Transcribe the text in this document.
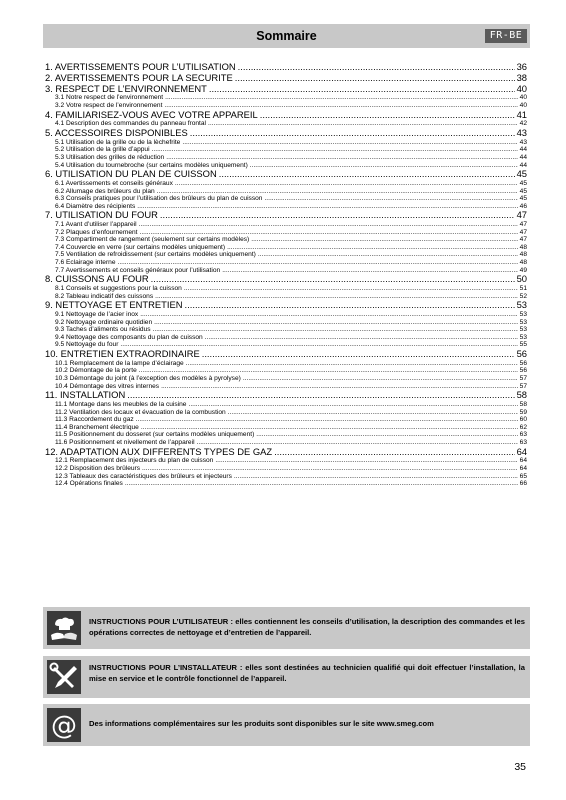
Sommaire	FR-BE
1. AVERTISSEMENTS POUR L’UTILISATION .....	36
2. AVERTISSEMENTS POUR LA SECURITE .....	38
3. RESPECT DE L’ENVIRONNEMENT .....	40
3.1 Notre respect de l’environnement .....	40
3.2 Votre respect de l’environnement .....	40
4. FAMILIARISEZ-VOUS AVEC VOTRE APPAREIL .....	41
4.1 Description des commandes du panneau frontal .....	42
5. ACCESSOIRES DISPONIBLES .....	43
5.1 Utilisation de la grille ou de la lèchefrite .....	43
5.2 Utilisation de la grille d’appui .....	44
5.3 Utilisation des grilles de réduction .....	44
5.4 Utilisation du tournebroche (sur certains modèles uniquement) .....	44
6. UTILISATION DU PLAN DE CUISSON .....	45
6.1 Avertissements et conseils généraux .....	45
6.2 Allumage des brûleurs du plan .....	45
6.3 Conseils pratiques pour l’utilisation des brûleurs du plan de cuisson .....	45
6.4 Diamètre des récipients .....	46
7. UTILISATION DU FOUR .....	47
7.1 Avant d’utiliser l’appareil .....	47
7.2 Plaques d’enfournement .....	47
7.3 Compartiment de rangement (seulement sur certains modèles) .....	47
7.4 Couvercle en verre (sur certains modèles uniquement) .....	48
7.5 Ventilation de refroidissement (sur certains modèles uniquement) .....	48
7.6 Eclairage interne .....	48
7.7 Avertissements et conseils généraux pour l’utilisation .....	49
8. CUISSONS AU FOUR .....	50
8.1 Conseils et suggestions pour la cuisson .....	51
8.2 Tableau indicatif des cuissons .....	52
9. NETTOYAGE ET ENTRETIEN .....	53
9.1 Nettoyage de l’acier inox .....	53
9.2 Nettoyage ordinaire quotidien .....	53
9.3 Taches d’aliments ou résidus .....	53
9.4 Nettoyage des composants du plan de cuisson .....	53
9.5 Nettoyage du four .....	55
10. ENTRETIEN EXTRAORDINAIRE .....	56
10.1 Remplacement de la lampe d’éclairage .....	56
10.2 Démontage de la porte .....	56
10.3 Démontage du joint (à l’exception des modèles à pyrolyse) .....	57
10.4 Démontage des vitres internes .....	57
11. INSTALLATION .....	58
11.1 Montage dans les meubles de la cuisine .....	58
11.2 Ventilation des locaux et évacuation de la combustion .....	59
11.3 Raccordement du gaz .....	60
11.4 Branchement électrique .....	62
11.5 Positionnement du dosseret (sur certains modèles uniquement) .....	63
11.6 Positionnement et nivellement de l’appareil .....	63
12. ADAPTATION AUX DIFFERENTS TYPES DE GAZ .....	64
12.1 Remplacement des injecteurs du plan de cuisson .....	64
12.2 Disposition des brûleurs .....	64
12.3 Tableaux des caractéristiques des brûleurs et injecteurs .....	65
12.4 Opérations finales .....	66
INSTRUCTIONS POUR L’UTILISATEUR : elles contiennent les conseils d’utilisation, la description des commandes et les opérations correctes de nettoyage et d’entretien de l’appareil.
INSTRUCTIONS POUR L’INSTALLATEUR : elles sont destinées au technicien qualifié qui doit effectuer l’installation, la mise en service et le contrôle fonctionnel de l’appareil.
@ Des informations complémentaires sur les produits sont disponibles sur le site www.smeg.com
35
